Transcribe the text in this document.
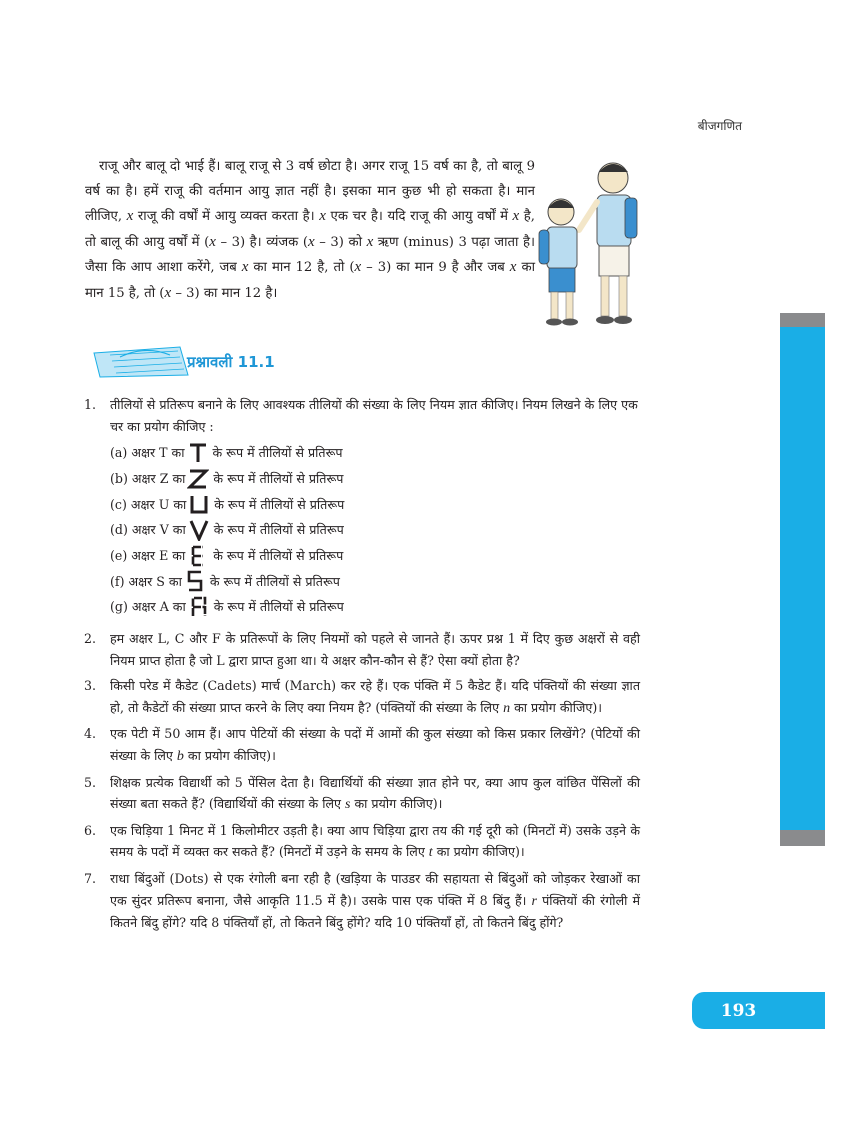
बीजगणित
राजू और बालू दो भाई हैं। बालू राजू से 3 वर्ष छोटा है। अगर राजू 15 वर्ष का है, तो बालू 9 वर्ष का है। हमें राजू की वर्तमान आयु ज्ञात नहीं है। इसका मान कुछ भी हो सकता है। मान लीजिए, x राजू की वर्षों में आयु व्यक्त करता है। x एक चर है। यदि राजू की आयु वर्षों में x है, तो बालू की आयु वर्षों में (x – 3) है। व्यंजक (x – 3) को x ऋण (minus) 3 पढ़ा जाता है। जैसा कि आप आशा करेंगे, जब x का मान 12 है, तो (x – 3) का मान 9 है और जब x का मान 15 है, तो (x – 3) का मान 12 है।
प्रश्नावली 11.1
1.	तीलियों से प्रतिरूप बनाने के लिए आवश्यक तीलियों की संख्या के लिए नियम ज्ञात कीजिए। नियम लिखने के लिए एक चर का प्रयोग कीजिए :
(a) अक्षर T का के रूप में तीलियों से प्रतिरूप
(b) अक्षर Z का के रूप में तीलियों से प्रतिरूप
(c) अक्षर U का के रूप में तीलियों से प्रतिरूप
(d) अक्षर V का के रूप में तीलियों से प्रतिरूप
(e) अक्षर E का के रूप में तीलियों से प्रतिरूप
(f) अक्षर S का के रूप में तीलियों से प्रतिरूप
(g) अक्षर A का के रूप में तीलियों से प्रतिरूप
2.	हम अक्षर L, C और F के प्रतिरूपों के लिए नियमों को पहले से जानते हैं। ऊपर प्रश्न 1 में दिए कुछ अक्षरों से वही नियम प्राप्त होता है जो L द्वारा प्राप्त हुआ था। ये अक्षर कौन-कौन से हैं? ऐसा क्यों होता है?
3.	किसी परेड में कैडेट (Cadets) मार्च (March) कर रहे हैं। एक पंक्ति में 5 कैडेट हैं। यदि पंक्तियों की संख्या ज्ञात हो, तो कैडेटों की संख्या प्राप्त करने के लिए क्या नियम है? (पंक्तियों की संख्या के लिए n का प्रयोग कीजिए)।
4.	एक पेटी में 50 आम हैं। आप पेटियों की संख्या के पदों में आमों की कुल संख्या को किस प्रकार लिखेंगे? (पेटियों की संख्या के लिए b का प्रयोग कीजिए)।
5.	शिक्षक प्रत्येक विद्यार्थी को 5 पेंसिल देता है। विद्यार्थियों की संख्या ज्ञात होने पर, क्या आप कुल वांछित पेंसिलों की संख्या बता सकते हैं? (विद्यार्थियों की संख्या के लिए s का प्रयोग कीजिए)।
6.	एक चिड़िया 1 मिनट में 1 किलोमीटर उड़ती है। क्या आप चिड़िया द्वारा तय की गई दूरी को (मिनटों में) उसके उड़ने के समय के पदों में व्यक्त कर सकते हैं? (मिनटों में उड़ने के समय के लिए t का प्रयोग कीजिए)।
7.	राधा बिंदुओं (Dots) से एक रंगोली बना रही है (खड़िया के पाउडर की सहायता से बिंदुओं को जोड़कर रेखाओं का एक सुंदर प्रतिरूप बनाना, जैसे आकृति 11.5 में है)। उसके पास एक पंक्ति में 8 बिंदु हैं। r पंक्तियों की रंगोली में कितने बिंदु होंगे? यदि 8 पंक्तियाँ हों, तो कितने बिंदु होंगे? यदि 10 पंक्तियाँ हों, तो कितने बिंदु होंगे?
193
